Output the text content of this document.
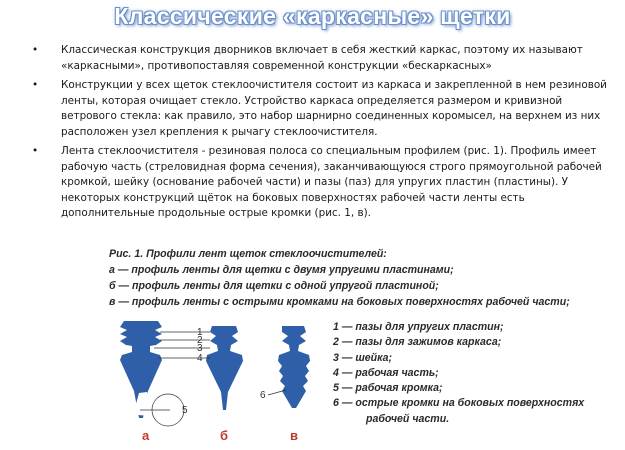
Классические «каркасные» щетки
• Классическая конструкция дворников включает в себя жесткий каркас, поэтому их называют «каркасными», противопоставляя современной конструкции «бескаркасных»
• Конструкции у всех щеток стеклоочистителя состоит из каркаса и закрепленной в нем резиновой ленты, которая очищает стекло. Устройство каркаса определяется размером и кривизной ветрового стекла: как правило, это набор шарнирно соединенных коромысел, на верхнем из них расположен узел крепления к рычагу стеклоочистителя.
• Лента стеклоочистителя - резиновая полоса со специальным профилем (рис. 1). Профиль имеет рабочую часть (стреловидная форма сечения), заканчивающуюся строго прямоугольной рабочей кромкой, шейку (основание рабочей части) и пазы (паз) для упругих пластин (пластины). У некоторых конструкций щёток на боковых поверхностях рабочей части ленты есть дополнительные продольные острые кромки (рис. 1, в).
Рис. 1. Профили лент щеток стеклоочистителей:
а — профиль ленты для щетки с двумя упругими пластинами;
б — профиль ленты для щетки с одной упругой пластиной;
в — профиль ленты с острыми кромками на боковых поверхностях рабочей части;
1
2
3
4
5
6
а	б	в
1 — пазы для упругих пластин;
2 — пазы для зажимов каркаса;
3 — шейка;
4 — рабочая часть;
5 — рабочая кромка;
6 — острые кромки на боковых поверхностях
рабочей части.
